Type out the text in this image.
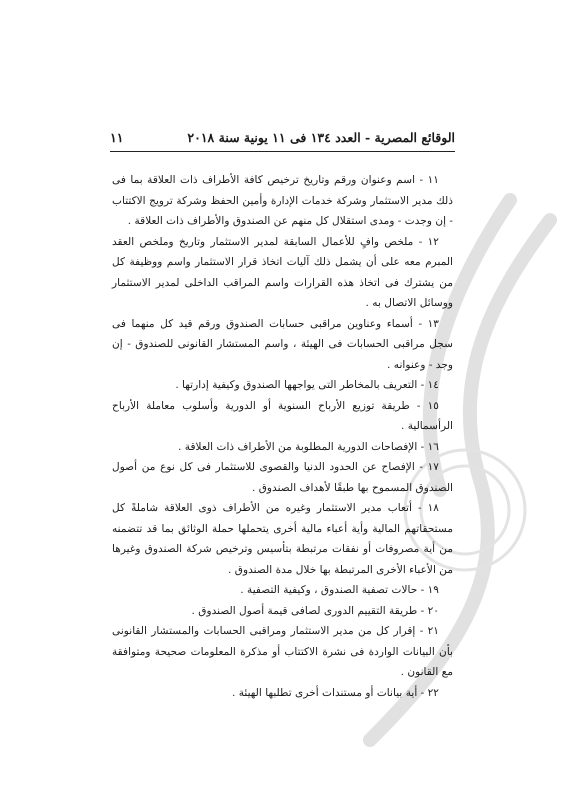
الوقائع المصرية - العدد ١٣٤ فى ١١ يونية سنة ٢٠١٨
١١

١١ - اسم وعنوان ورقم وتاريخ ترخيص كافة الأطراف ذات العلاقة بما فى ذلك مدير الاستثمار وشركة خدمات الإدارة وأمين الحفظ وشركة ترويج الاكتتاب - إن وجدت - ومدى استقلال كل منهم عن الصندوق والأطراف ذات العلاقة .

١٢ - ملخص وافٍ للأعمال السابقة لمدير الاستثمار وتاريخ وملخص العقد المبرم معه على أن يشمل ذلك آليات اتخاذ قرار الاستثمار واسم ووظيفة كل من يشترك فى اتخاذ هذه القرارات واسم المراقب الداخلى لمدير الاستثمار ووسائل الاتصال به .

١٣ - أسماء وعناوين مراقبى حسابات الصندوق ورقم قيد كل منهما فى سجل مراقبى الحسابات فى الهيئة ، واسم المستشار القانونى للصندوق - إن وجد - وعنوانه .

١٤ - التعريف بالمخاطر التى يواجهها الصندوق وكيفية إدارتها .

١٥ - طريقة توزيع الأرباح السنوية أو الدورية وأسلوب معاملة الأرباح الرأسمالية .

١٦ - الإفصاحات الدورية المطلوبة من الأطراف ذات العلاقة .

١٧ - الإفصاح عن الحدود الدنيا والقصوى للاستثمار فى كل نوع من أصول الصندوق المسموح بها طبقًا لأهداف الصندوق .

١٨ - أتعاب مدير الاستثمار وغيره من الأطراف ذوى العلاقة شاملةً كل مستحقاتهم المالية وأية أعباء مالية أخرى يتحملها حملة الوثائق بما قد تتضمنه من أية مصروفات أو نفقات مرتبطة بتأسيس وترخيص شركة الصندوق وغيرها من الأعباء الأخرى المرتبطة بها خلال مدة الصندوق .

١٩ - حالات تصفية الصندوق ، وكيفية التصفية .

٢٠ - طريقة التقييم الدورى لصافى قيمة أصول الصندوق .

٢١ - إقرار كل من مدير الاستثمار ومراقبى الحسابات والمستشار القانونى بأن البيانات الواردة فى نشرة الاكتتاب أو مذكرة المعلومات صحيحة ومتوافقة مع القانون .

٢٢ - أية بيانات أو مستندات أخرى تطلبها الهيئة .
